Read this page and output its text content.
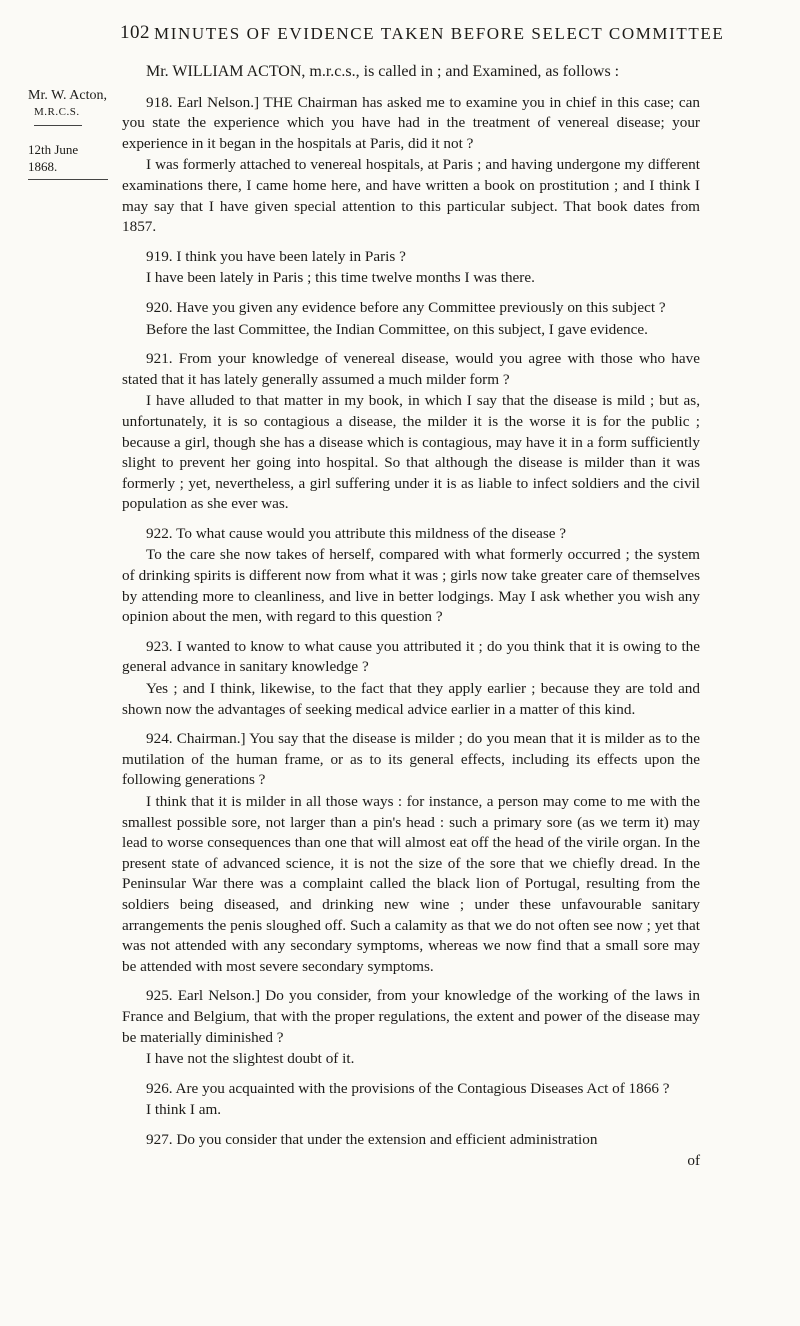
102 MINUTES OF EVIDENCE TAKEN BEFORE SELECT COMMITTEE
Mr. W. Acton,
M.R.C.S.
12th June 1868.

Mr. WILLIAM ACTON, m.r.c.s., is called in ; and Examined, as follows :

918. Earl Nelson.] THE Chairman has asked me to examine you in chief in this case; can you state the experience which you have had in the treatment of venereal disease; your experience in it began in the hospitals at Paris, did it not ?

I was formerly attached to venereal hospitals, at Paris ; and having undergone my different examinations there, I came home here, and have written a book on prostitution ; and I think I may say that I have given special attention to this particular subject. That book dates from 1857.

919. I think you have been lately in Paris ?

I have been lately in Paris ; this time twelve months I was there.

920. Have you given any evidence before any Committee previously on this subject ?

Before the last Committee, the Indian Committee, on this subject, I gave evidence.

921. From your knowledge of venereal disease, would you agree with those who have stated that it has lately generally assumed a much milder form ?

I have alluded to that matter in my book, in which I say that the disease is mild ; but as, unfortunately, it is so contagious a disease, the milder it is the worse it is for the public ; because a girl, though she has a disease which is contagious, may have it in a form sufficiently slight to prevent her going into hospital. So that although the disease is milder than it was formerly ; yet, nevertheless, a girl suffering under it is as liable to infect soldiers and the civil population as she ever was.

922. To what cause would you attribute this mildness of the disease ?

To the care she now takes of herself, compared with what formerly occurred ; the system of drinking spirits is different now from what it was ; girls now take greater care of themselves by attending more to cleanliness, and live in better lodgings. May I ask whether you wish any opinion about the men, with regard to this question ?

923. I wanted to know to what cause you attributed it ; do you think that it is owing to the general advance in sanitary knowledge ?

Yes ; and I think, likewise, to the fact that they apply earlier ; because they are told and shown now the advantages of seeking medical advice earlier in a matter of this kind.

924. Chairman.] You say that the disease is milder ; do you mean that it is milder as to the mutilation of the human frame, or as to its general effects, including its effects upon the following generations ?

I think that it is milder in all those ways : for instance, a person may come to me with the smallest possible sore, not larger than a pin's head : such a primary sore (as we term it) may lead to worse consequences than one that will almost eat off the head of the virile organ. In the present state of advanced science, it is not the size of the sore that we chiefly dread. In the Peninsular War there was a complaint called the black lion of Portugal, resulting from the soldiers being diseased, and drinking new wine ; under these unfavourable sanitary arrangements the penis sloughed off. Such a calamity as that we do not often see now ; yet that was not attended with any secondary symptoms, whereas we now find that a small sore may be attended with most severe secondary symptoms.

925. Earl Nelson.] Do you consider, from your knowledge of the working of the laws in France and Belgium, that with the proper regulations, the extent and power of the disease may be materially diminished ?

I have not the slightest doubt of it.

926. Are you acquainted with the provisions of the Contagious Diseases Act of 1866 ?

I think I am.

927. Do you consider that under the extension and efficient administration

of
